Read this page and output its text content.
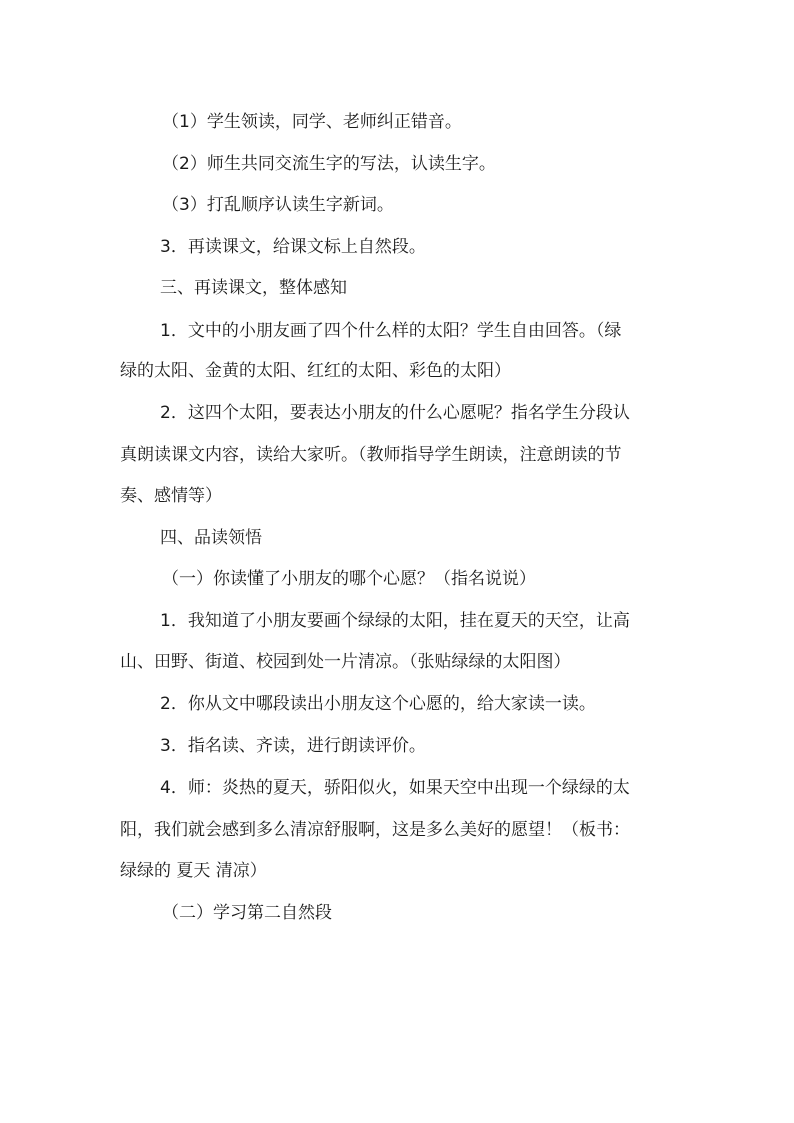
（1）学生领读，同学、老师纠正错音。
（2）师生共同交流生字的写法，认读生字。
（3）打乱顺序认读生字新词。
3．再读课文，给课文标上自然段。
三、再读课文，整体感知
1．文中的小朋友画了四个什么样的太阳？学生自由回答。（绿
绿的太阳、金黄的太阳、红红的太阳、彩色的太阳）
2．这四个太阳，要表达小朋友的什么心愿呢？指名学生分段认
真朗读课文内容，读给大家听。（教师指导学生朗读，注意朗读的节
奏、感情等）
四、品读领悟
（一）你读懂了小朋友的哪个心愿？（指名说说）
1．我知道了小朋友要画个绿绿的太阳，挂在夏天的天空，让高
山、田野、街道、校园到处一片清凉。（张贴绿绿的太阳图）
2．你从文中哪段读出小朋友这个心愿的，给大家读一读。
3．指名读、齐读，进行朗读评价。
4．师：炎热的夏天，骄阳似火，如果天空中出现一个绿绿的太
阳，我们就会感到多么清凉舒服啊，这是多么美好的愿望！（板书：
绿绿的 夏天 清凉）
（二）学习第二自然段
